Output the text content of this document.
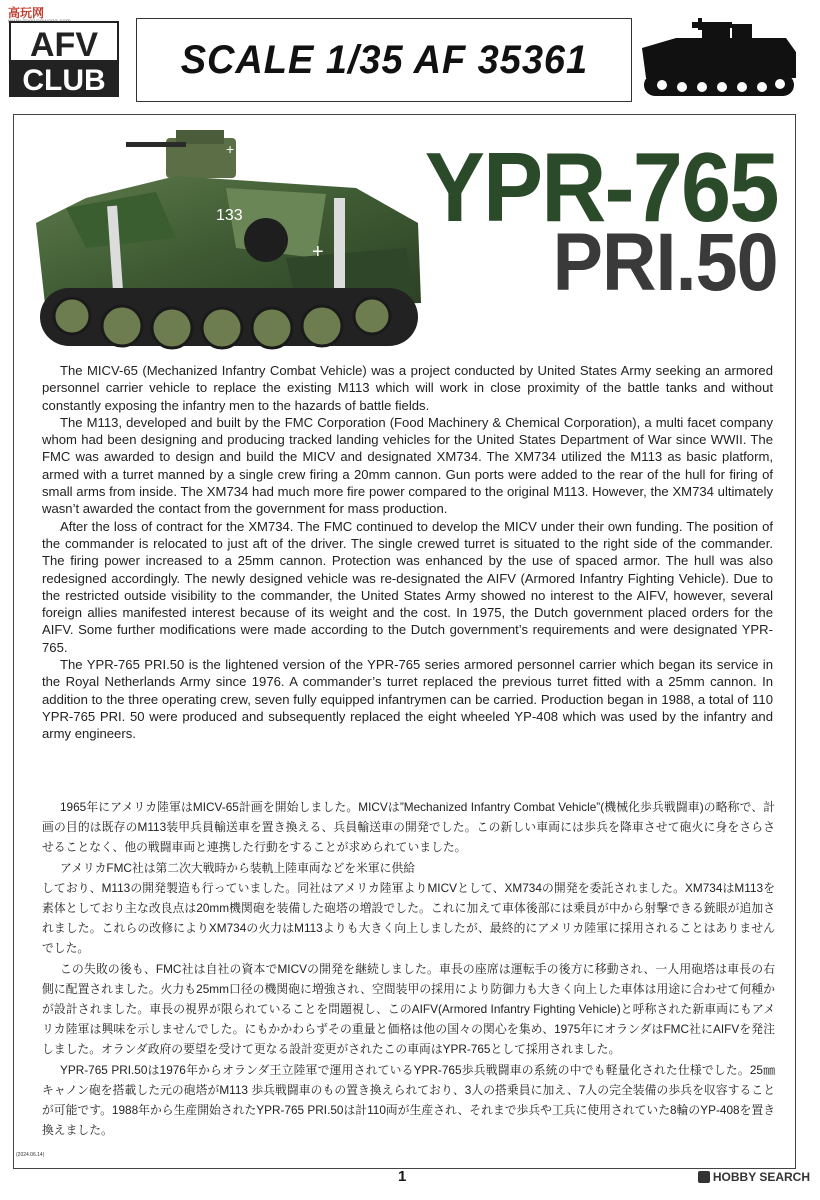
高玩网
AFV
CLUB SCALE 1/35 AF 35361
+
133
+
YPR-765
PRI.50

The MICV-65 (Mechanized Infantry Combat Vehicle) was a project conducted by United States Army seeking an armored personnel carrier vehicle to replace the existing M113 which will work in close proximity of the battle tanks and without constantly exposing the infantry men to the hazards of battle fields.

The M113, developed and built by the FMC Corporation (Food Machinery & Chemical Corporation), a multi facet company whom had been designing and producing tracked landing vehicles for the United States Department of War since WWII. The FMC was awarded to design and build the MICV and designated XM734. The XM734 utilized the M113 as basic platform, armed with a turret manned by a single crew firing a 20mm cannon. Gun ports were added to the rear of the hull for firing of small arms from inside. The XM734 had much more fire power compared to the original M113. However, the XM734 ultimately wasn’t awarded the contact from the government for mass production.

After the loss of contract for the XM734. The FMC continued to develop the MICV under their own funding. The position of the commander is relocated to just aft of the driver. The single crewed turret is situated to the right side of the commander. The firing power increased to a 25mm cannon. Protection was enhanced by the use of spaced armor. The hull was also redesigned accordingly. The newly designed vehicle was re-designated the AIFV (Armored Infantry Fighting Vehicle). Due to the restricted outside visibility to the commander, the United States Army showed no interest to the AIFV, however, several foreign allies manifested interest because of its weight and the cost. In 1975, the Dutch government placed orders for the AIFV. Some further modifications were made according to the Dutch government’s requirements and were designated YPR-765.

The YPR-765 PRI.50 is the lightened version of the YPR-765 series armored personnel carrier which began its service in the Royal Netherlands Army since 1976. A commander’s turret replaced the previous turret fitted with a 25mm cannon. In addition to the three operating crew, seven fully equipped infantrymen can be carried. Production began in 1988, a total of 110 YPR-765 PRI. 50 were produced and subsequently replaced the eight wheeled YP-408 which was used by the infantry and army engineers.

1965年にアメリカ陸軍はMICV-65計画を開始しました。MICVは”Mechanized Infantry Combat Vehicle”(機械化歩兵戦闘車)の略称で、計画の目的は既存のM113装甲兵員輸送車を置き換える、兵員輸送車の開発でした。この新しい車両には歩兵を降車させて砲火に身をさらさせることなく、他の戦闘車両と連携した行動をすることが求められていました。

アメリカFMC社は第二次大戦時から装軌上陸車両などを米軍に供給

しており、M113の開発製造も行っていました。同社はアメリカ陸軍よりMICVとして、XM734の開発を委託されました。XM734はM113を素体としており主な改良点は20mm機関砲を装備した砲塔の増設でした。これに加えて車体後部には乗員が中から射撃できる銃眼が追加されました。これらの改修によりXM734の火力はM113よりも大きく向上しましたが、最終的にアメリカ陸軍に採用されることはありませんでした。

この失敗の後も、FMC社は自社の資本でMICVの開発を継続しました。車長の座席は運転手の後方に移動され、一人用砲塔は車長の右側に配置されました。火力も25mm口径の機関砲に増強され、空間装甲の採用により防御力も大きく向上した車体は用途に合わせて何種かが設計されました。車長の視界が限られていることを問題視し、このAIFV(Armored Infantry Fighting Vehicle)と呼称された新車両にもアメリカ陸軍は興味を示しませんでした。にもかかわらずその重量と価格は他の国々の関心を集め、1975年にオランダはFMC社にAIFVを発注しました。オランダ政府の要望を受けて更なる設計変更がされたこの車両はYPR-765として採用されました。

YPR-765 PRI.50は1976年からオランダ王立陸軍で運用されているYPR-765歩兵戦闘車の系統の中でも軽量化された仕様でした。25㎜キャノン砲を搭載した元の砲塔がM113 歩兵戦闘車のもの置き換えられており、3人の搭乗員に加え、7人の完全装備の歩兵を収容することが可能です。1988年から生産開始されたYPR-765 PRI.50は計110両が生産され、それまで歩兵や工兵に使用されていた8輪のYP-408を置き換えました。

(2024.06.14)
1	HOBBY SEARCH
